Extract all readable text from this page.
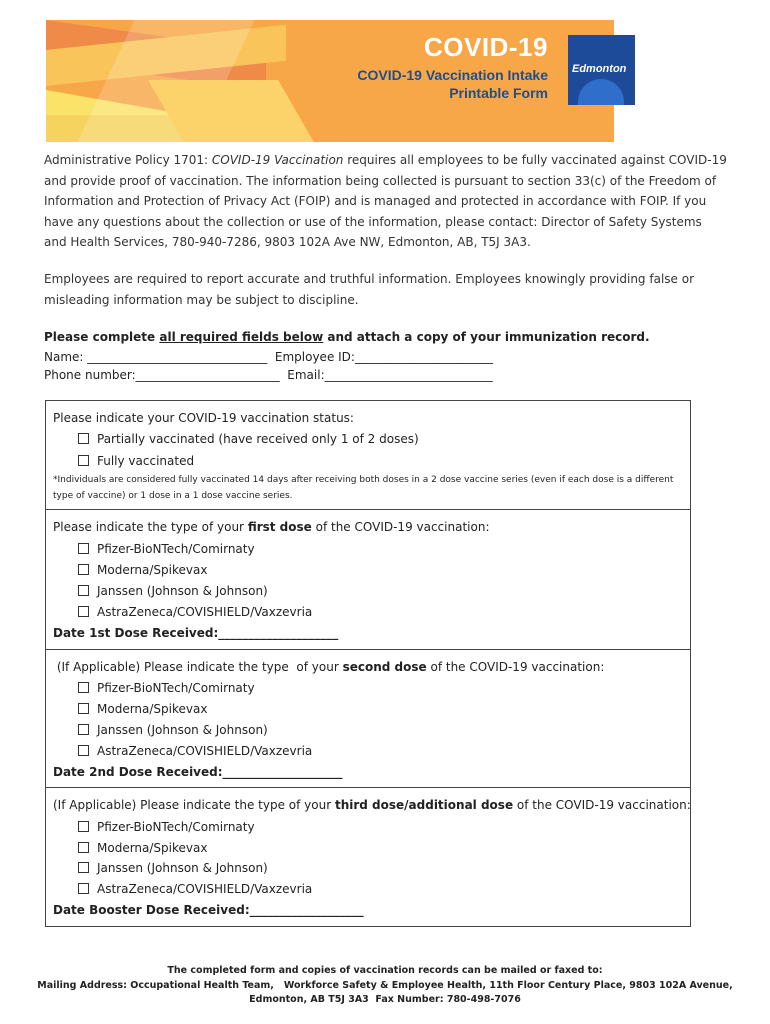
COVID-19
COVID-19 Vaccination Intake
Printable Form
Edmonton
Administrative Policy 1701: COVID-19 Vaccination requires all employees to be fully vaccinated against COVID-19 and provide proof of vaccination. The information being collected is pursuant to section 33(c) of the Freedom of Information and Protection of Privacy Act (FOIP) and is managed and protected in accordance with FOIP. If you have any questions about the collection or use of the information, please contact: Director of Safety Systems and Health Services, 780-940-7286, 9803 102A Ave NW, Edmonton, AB, T5J 3A3.
Employees are required to report accurate and truthful information. Employees knowingly providing false or misleading information may be subject to discipline.
Please complete all required fields below and attach a copy of your immunization record.
Name: ______________________________  Employee ID:_______________________
Phone number:________________________  Email:____________________________
Please indicate your COVID-19 vaccination status:
Partially vaccinated (have received only 1 of 2 doses)
Fully vaccinated
*Individuals are considered fully vaccinated 14 days after receiving both doses in a 2 dose vaccine series (even if each dose is a different type of vaccine) or 1 dose in a 1 dose vaccine series.
Please indicate the type of your first dose of the COVID-19 vaccination:
Pfizer-BioNTech/Comirnaty
Moderna/Spikevax
Janssen (Johnson & Johnson)
AstraZeneca/COVISHIELD/Vaxzevria
Date 1st Dose Received:____________________
(If Applicable) Please indicate the type  of your second dose of the COVID-19 vaccination:
Pfizer-BioNTech/Comirnaty
Moderna/Spikevax
Janssen (Johnson & Johnson)
AstraZeneca/COVISHIELD/Vaxzevria
Date 2nd Dose Received:____________________
(If Applicable) Please indicate the type of your third dose/additional dose of the COVID-19 vaccination:
Pfizer-BioNTech/Comirnaty
Moderna/Spikevax
Janssen (Johnson & Johnson)
AstraZeneca/COVISHIELD/Vaxzevria
Date Booster Dose Received:___________________
The completed form and copies of vaccination records can be mailed or faxed to:
Mailing Address: Occupational Health Team,   Workforce Safety & Employee Health, 11th Floor Century Place, 9803 102A Avenue,
Edmonton, AB T5J 3A3  Fax Number: 780-498-7076
